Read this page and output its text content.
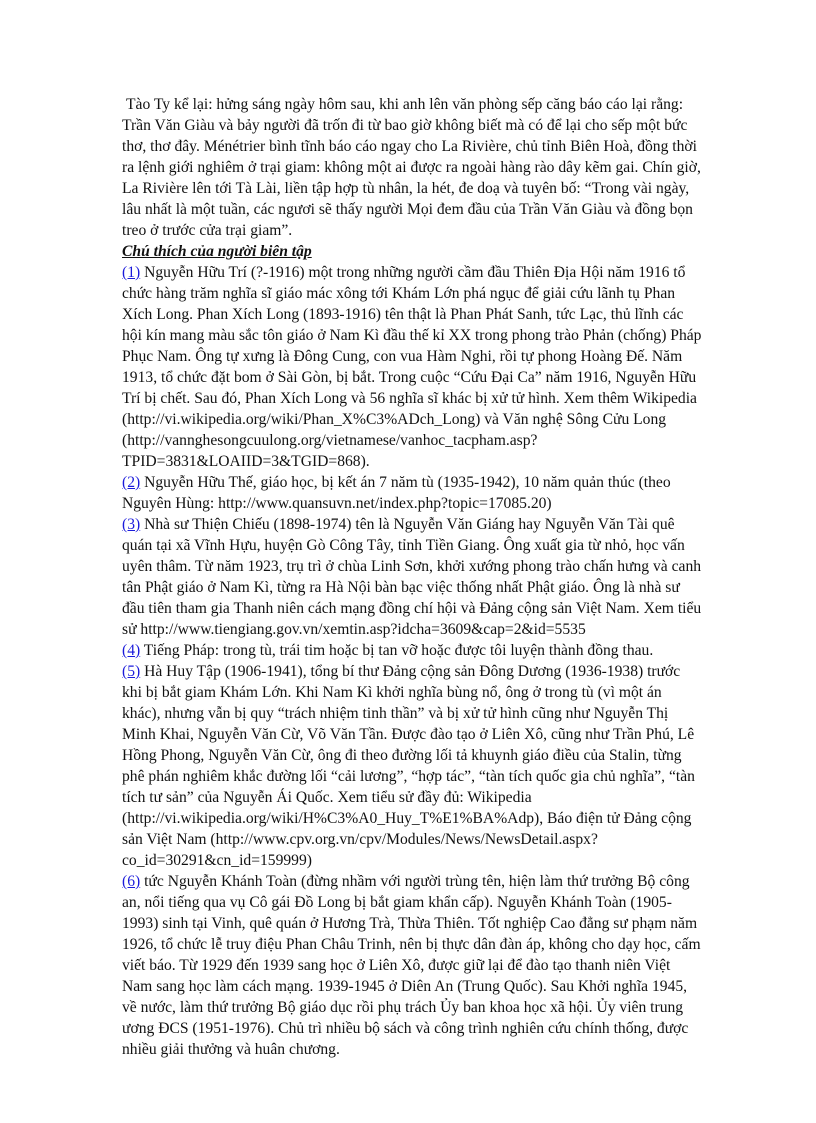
Tào Ty kể lại: hửng sáng ngày hôm sau, khi anh lên văn phòng sếp căng báo cáo lại rằng: Trần Văn Giàu và bảy người đã trốn đi từ bao giờ không biết mà có để lại cho sếp một bức thơ, thơ đây. Ménétrier bình tĩnh báo cáo ngay cho La Rivière, chủ tỉnh Biên Hoà, đồng thời ra lệnh giới nghiêm ở trại giam: không một ai được ra ngoài hàng rào dây kẽm gai. Chín giờ, La Rivière lên tới Tà Lài, liền tập hợp tù nhân, la hét, đe doạ và tuyên bố: “Trong vài ngày, lâu nhất là một tuần, các ngươi sẽ thấy người Mọi đem đầu của Trần Văn Giàu và đồng bọn treo ở trước cửa trại giam”.

Chú thích của người biên tập

(1) Nguyễn Hữu Trí (?-1916) một trong những người cầm đầu Thiên Địa Hội năm 1916 tổ chức hàng trăm nghĩa sĩ giáo mác xông tới Khám Lớn phá ngục để giải cứu lãnh tụ Phan Xích Long. Phan Xích Long (1893-1916) tên thật là Phan Phát Sanh, tức Lạc, thủ lĩnh các hội kín mang màu sắc tôn giáo ở Nam Kì đầu thế kỉ XX trong phong trào Phản (chống) Pháp Phục Nam. Ông tự xưng là Đông Cung, con vua Hàm Nghi, rồi tự phong Hoàng Đế. Năm 1913, tổ chức đặt bom ở Sài Gòn, bị bắt. Trong cuộc “Cứu Đại Ca” năm 1916, Nguyễn Hữu Trí bị chết. Sau đó, Phan Xích Long và 56 nghĩa sĩ khác bị xử tử hình. Xem thêm Wikipedia (http://vi.wikipedia.org/wiki/Phan_X%C3%ADch_Long) và Văn nghệ Sông Cửu Long (http://vannghesongcuulong.org/vietnamese/vanhoc_tacpham.asp?TPID=3831&LOAIID=3&TGID=868).

(2) Nguyễn Hữu Thế, giáo học, bị kết án 7 năm tù (1935-1942), 10 năm quản thúc (theo Nguyên Hùng: http://www.quansuvn.net/index.php?topic=17085.20)

(3) Nhà sư Thiện Chiếu (1898-1974) tên là Nguyễn Văn Giáng hay Nguyễn Văn Tài quê quán tại xã Vĩnh Hựu, huyện Gò Công Tây, tỉnh Tiền Giang. Ông xuất gia từ nhỏ, học vấn uyên thâm. Từ năm 1923, trụ trì ở chùa Linh Sơn, khởi xướng phong trào chấn hưng và canh tân Phật giáo ở Nam Kì, từng ra Hà Nội bàn bạc việc thống nhất Phật giáo. Ông là nhà sư đầu tiên tham gia Thanh niên cách mạng đồng chí hội và Đảng cộng sản Việt Nam. Xem tiểu sử http://www.tiengiang.gov.vn/xemtin.asp?idcha=3609&cap=2&id=5535

(4) Tiếng Pháp: trong tù, trái tim hoặc bị tan vỡ hoặc được tôi luyện thành đồng thau.

(5) Hà Huy Tập (1906-1941), tổng bí thư Đảng cộng sản Đông Dương (1936-1938) trước khi bị bắt giam Khám Lớn. Khi Nam Kì khởi nghĩa bùng nổ, ông ở trong tù (vì một án khác), nhưng vẫn bị quy “trách nhiệm tinh thần” và bị xử tử hình cũng như Nguyễn Thị Minh Khai, Nguyễn Văn Cừ, Võ Văn Tần. Được đào tạo ở Liên Xô, cũng như Trần Phú, Lê Hồng Phong, Nguyễn Văn Cừ, ông đi theo đường lối tả khuynh giáo điều của Stalin, từng phê phán nghiêm khắc đường lối “cải lương”, “hợp tác”, “tàn tích quốc gia chủ nghĩa”, “tàn tích tư sản” của Nguyễn Ái Quốc. Xem tiểu sử đầy đủ: Wikipedia (http://vi.wikipedia.org/wiki/H%C3%A0_Huy_T%E1%BA%Adp), Báo điện tử Đảng cộng sản Việt Nam (http://www.cpv.org.vn/cpv/Modules/News/NewsDetail.aspx?co_id=30291&cn_id=159999)

(6) tức Nguyễn Khánh Toàn (đừng nhầm với người trùng tên, hiện làm thứ trưởng Bộ công an, nổi tiếng qua vụ Cô gái Đồ Long bị bắt giam khẩn cấp). Nguyễn Khánh Toàn (1905-1993) sinh tại Vinh, quê quán ở Hương Trà, Thừa Thiên. Tốt nghiệp Cao đẳng sư phạm năm 1926, tổ chức lễ truy điệu Phan Châu Trinh, nên bị thực dân đàn áp, không cho dạy học, cấm viết báo. Từ 1929 đến 1939 sang học ở Liên Xô, được giữ lại để đào tạo thanh niên Việt Nam sang học làm cách mạng. 1939-1945 ở Diên An (Trung Quốc). Sau Khởi nghĩa 1945, về nước, làm thứ trưởng Bộ giáo dục rồi phụ trách Ủy ban khoa học xã hội. Ủy viên trung ương ĐCS (1951-1976). Chủ trì nhiều bộ sách và công trình nghiên cứu chính thống, được nhiều giải thưởng và huân chương.
